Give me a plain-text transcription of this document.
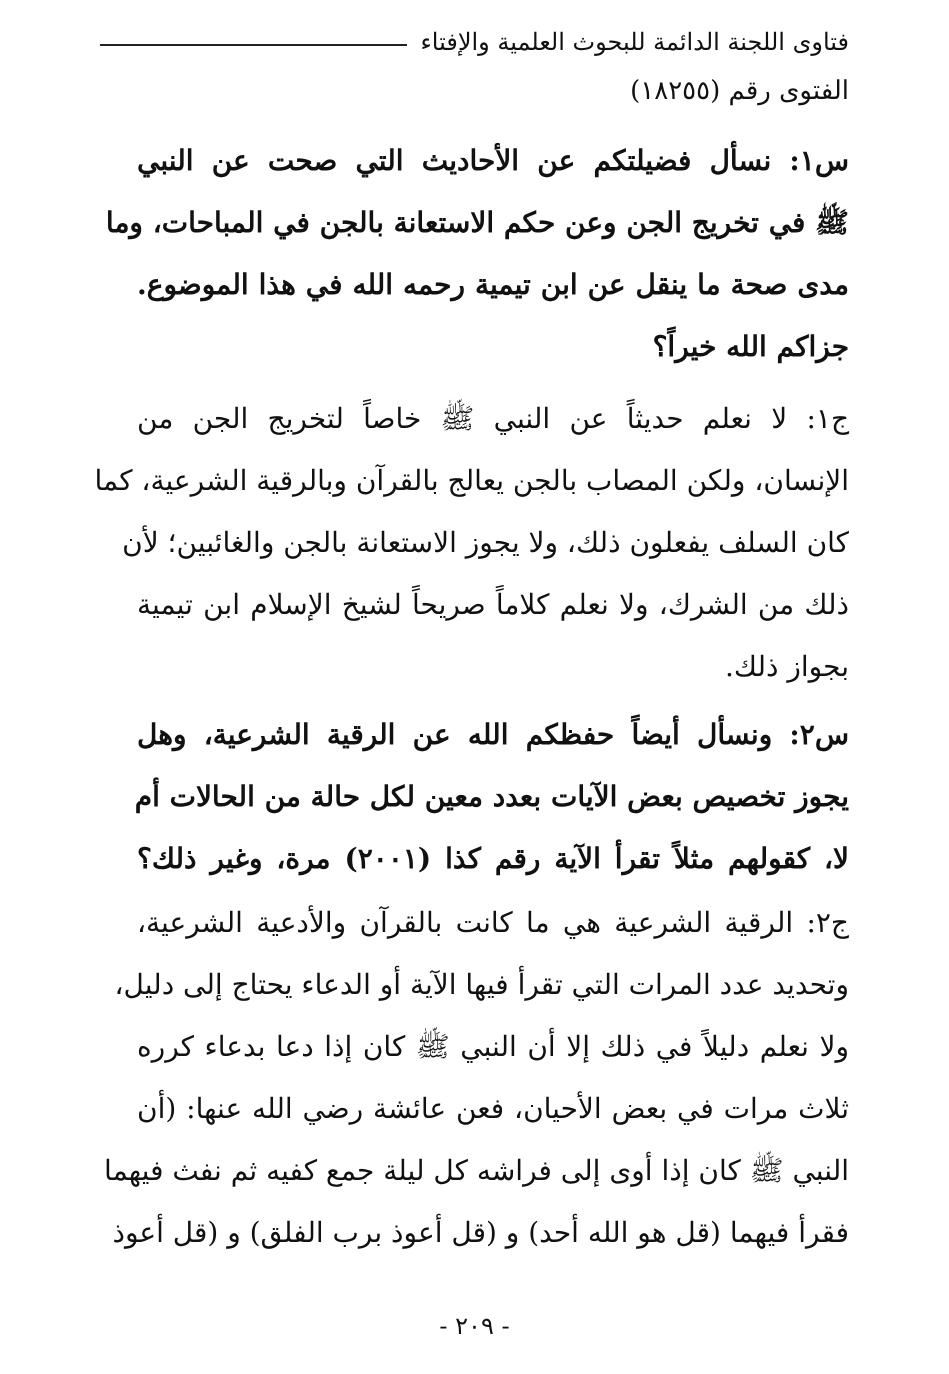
فتاوى اللجنة الدائمة للبحوث العلمية والإفتاء
الفتوى رقم (١٨٢٥٥)
س١: نسأل فضيلتكم عن الأحاديث التي صحت عن النبي
ﷺ في تخريج الجن وعن حكم الاستعانة بالجن في المباحات، وما
مدى صحة ما ينقل عن ابن تيمية رحمه الله في هذا الموضوع.
جزاكم الله خيراً؟
ج١: لا نعلم حديثاً عن النبي ﷺ خاصاً لتخريج الجن من
الإنسان، ولكن المصاب بالجن يعالج بالقرآن وبالرقية الشرعية، كما
كان السلف يفعلون ذلك، ولا يجوز الاستعانة بالجن والغائبين؛ لأن
ذلك من الشرك، ولا نعلم كلاماً صريحاً لشيخ الإسلام ابن تيمية
بجواز ذلك.
س٢: ونسأل أيضاً حفظكم الله عن الرقية الشرعية، وهل
يجوز تخصيص بعض الآيات بعدد معين لكل حالة من الحالات أم
لا، كقولهم مثلاً تقرأ الآية رقم كذا (٢٠٠١) مرة، وغير ذلك؟
ج٢: الرقية الشرعية هي ما كانت بالقرآن والأدعية الشرعية،
وتحديد عدد المرات التي تقرأ فيها الآية أو الدعاء يحتاج إلى دليل،
ولا نعلم دليلاً في ذلك إلا أن النبي ﷺ كان إذا دعا بدعاء كرره
ثلاث مرات في بعض الأحيان، فعن عائشة رضي الله عنها: (أن
النبي ﷺ كان إذا أوى إلى فراشه كل ليلة جمع كفيه ثم نفث فيهما
فقرأ فيهما (قل هو الله أحد) و (قل أعوذ برب الفلق) و (قل أعوذ
- ٢٠٩ -
